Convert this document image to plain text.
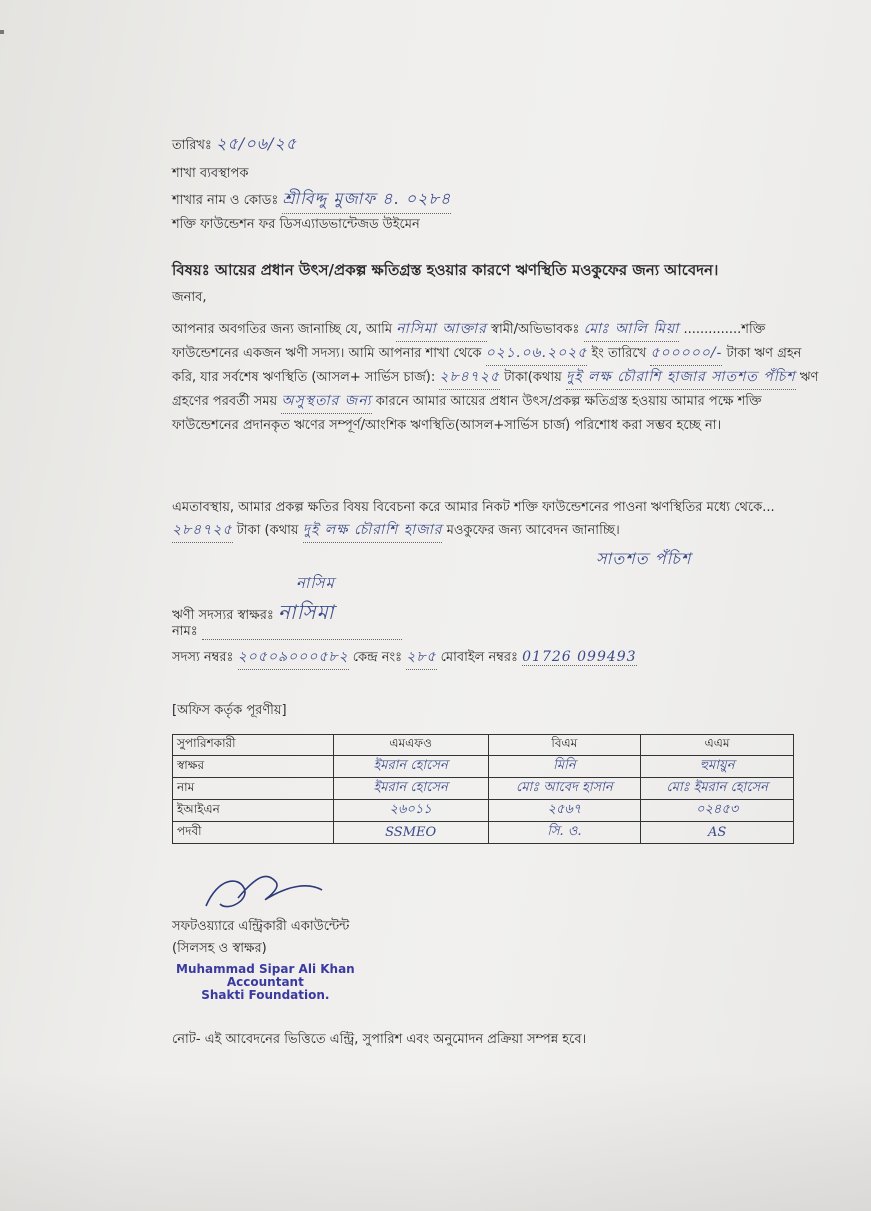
তারিখঃ ২৫/০৬/২৫
শাখা ব্যবস্থাপক
শাখার নাম ও কোডঃ শ্রীবিদ্দু মুজাফ ৪. ০২৮৪
শক্তি ফাউন্ডেশন ফর ডিসএ্যাডভান্টেজড উইমেন
বিষয়ঃ আয়ের প্রধান উৎস/প্রকল্প ক্ষতিগ্রস্ত হওয়ার কারণে ঋণস্থিতি মওকুফের জন্য আবেদন।
জনাব,
আপনার অবগতির জন্য জানাচ্ছি যে, আমি নাসিমা আক্তার স্বামী/অভিভাবকঃ মোঃ আলি মিয়া ..............শক্তি ফাউন্ডেশনের একজন ঋণী সদস্য। আমি আপনার শাখা থেকে ০২১.০৬.২০২৫ ইং তারিখে ৫০০০০০/- টাকা ঋণ গ্রহন করি, যার সর্বশেষ ঋণস্থিতি (আসল+ সার্ভিস চার্জ): ২৮৪৭২৫ টাকা(কথায় দুই লক্ষ চৌরাশি হাজার সাতশত পঁচিশ ঋণ গ্রহণের পরবর্তী সময় অসুস্থতার জন্য কারনে আমার আয়ের প্রধান উৎস/প্রকল্প ক্ষতিগ্রস্ত হওয়ায় আমার পক্ষে শক্তি ফাউন্ডেশনের প্রদানকৃত ঋণের সম্পূর্ণ/আংশিক ঋণস্থিতি(আসল+সার্ভিস চার্জ) পরিশোধ করা সম্ভব হচ্ছে না।
এমতাবস্থায়, আমার প্রকল্প ক্ষতির বিষয় বিবেচনা করে আমার নিকট শক্তি ফাউন্ডেশনের পাওনা ঋণস্থিতির মধ্যে থেকে... ২৮৪৭২৫ টাকা (কথায় দুই লক্ষ চৌরাশি হাজার মওকুফের জন্য আবেদন জানাচ্ছি।
সাতশত পঁচিশ
নাসিম
ঋণী সদস্যর স্বাক্ষরঃ নাসিমা
নামঃ
সদস্য নম্বরঃ ২০৫০৯০০০৫৮২ কেন্দ্র নংঃ ২৮৫ মোবাইল নম্বরঃ 01726 099493
[অফিস কর্তৃক পূরণীয়]
সুপারিশকারী	এমএফও	বিএম	এএম
স্বাক্ষর	ইমরান হোসেন	মিনি	হুমায়ুন
নাম	ইমরান হোসেন	মোঃ আবেদ হাসান	মোঃ ইমরান হোসেন
ইআইএন	২৬০১১	২৫৬৭	০২৪৫৩
পদবী	SSMEO	সি. ও.	AS
সফটওয়্যারে এন্ট্রিকারী একাউন্টেন্ট
(সিলসহ ও স্বাক্ষর)
Muhammad Sipar Ali Khan
Accountant
Shakti Foundation.
নোট- এই আবেদনের ভিত্তিতে এন্ট্রি, সুপারিশ এবং অনুমোদন প্রক্রিয়া সম্পন্ন হবে।
